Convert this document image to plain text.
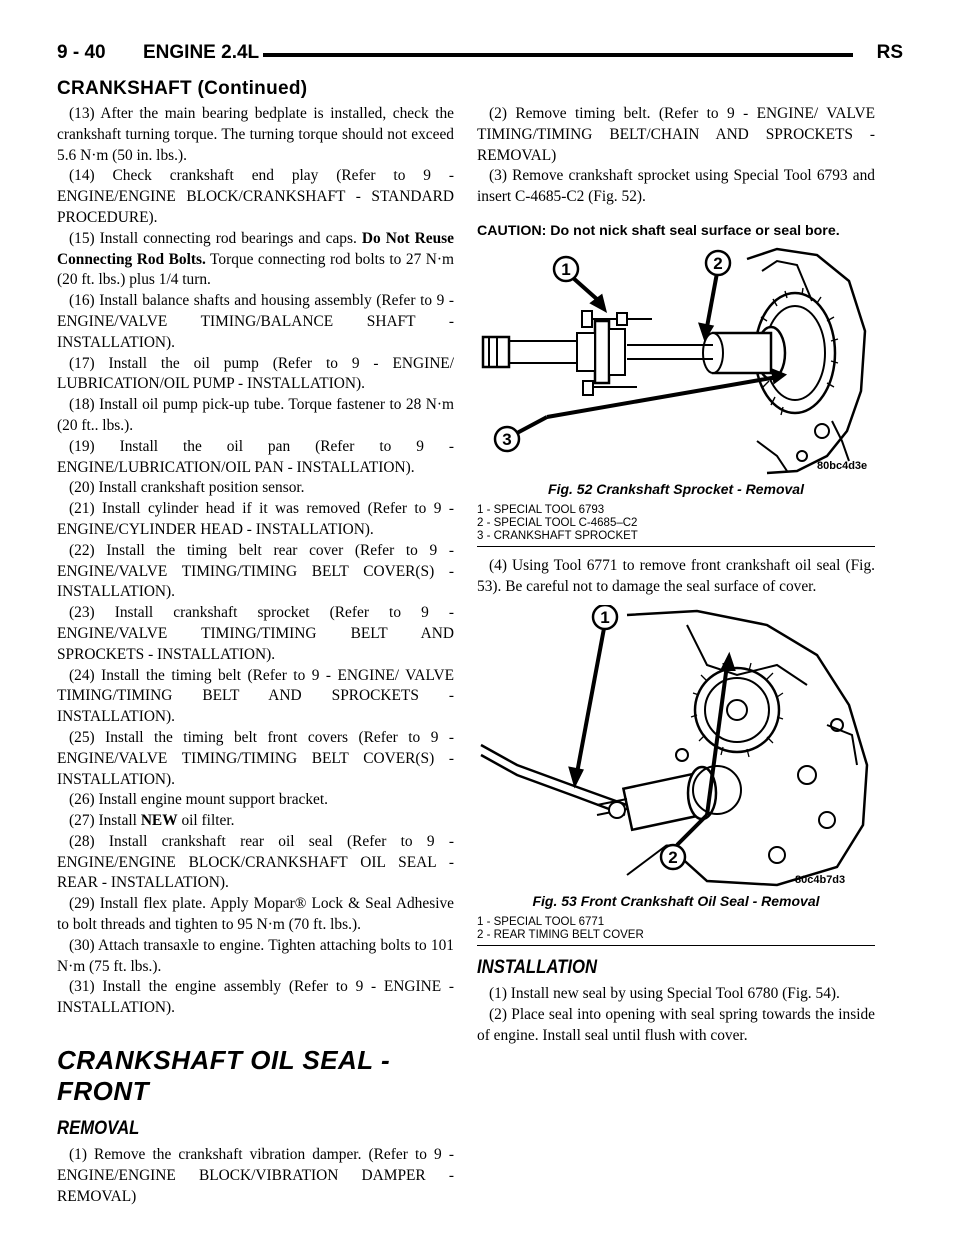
9 - 40 ENGINE 2.4L	RS
CRANKSHAFT (Continued)

(13) After the main bearing bedplate is installed, check the crankshaft turning torque. The turning torque should not exceed 5.6 N·m (50 in. lbs.).

(14) Check crankshaft end play (Refer to 9 - ENGINE/ENGINE BLOCK/CRANKSHAFT - STANDARD PROCEDURE).

(15) Install connecting rod bearings and caps. Do Not Reuse Connecting Rod Bolts. Torque connecting rod bolts to 27 N·m (20 ft. lbs.) plus 1/4 turn.

(16) Install balance shafts and housing assembly (Refer to 9 - ENGINE/VALVE TIMING/BALANCE SHAFT - INSTALLATION).

(17) Install the oil pump (Refer to 9 - ENGINE/ LUBRICATION/OIL PUMP - INSTALLATION).

(18) Install oil pump pick-up tube. Torque fastener to 28 N·m (20 ft.. lbs.).

(19) Install the oil pan (Refer to 9 - ENGINE/LUBRICATION/OIL PAN - INSTALLATION).

(20) Install crankshaft position sensor.

(21) Install cylinder head if it was removed (Refer to 9 - ENGINE/CYLINDER HEAD - INSTALLATION).

(22) Install the timing belt rear cover (Refer to 9 - ENGINE/VALVE TIMING/TIMING BELT COVER(S) - INSTALLATION).

(23) Install crankshaft sprocket (Refer to 9 - ENGINE/VALVE TIMING/TIMING BELT AND SPROCKETS - INSTALLATION).

(24) Install the timing belt (Refer to 9 - ENGINE/ VALVE TIMING/TIMING BELT AND SPROCKETS - INSTALLATION).

(25) Install the timing belt front covers (Refer to 9 - ENGINE/VALVE TIMING/TIMING BELT COVER(S) - INSTALLATION).

(26) Install engine mount support bracket.

(27) Install NEW oil filter.

(28) Install crankshaft rear oil seal (Refer to 9 - ENGINE/ENGINE BLOCK/CRANKSHAFT OIL SEAL - REAR - INSTALLATION).

(29) Install flex plate. Apply Mopar® Lock & Seal Adhesive to bolt threads and tighten to 95 N·m (70 ft. lbs.).

(30) Attach transaxle to engine. Tighten attaching bolts to 101 N·m (75 ft. lbs.).

(31) Install the engine assembly (Refer to 9 - ENGINE - INSTALLATION).

CRANKSHAFT OIL SEAL - FRONT
REMOVAL

(1) Remove the crankshaft vibration damper. (Refer to 9 - ENGINE/ENGINE BLOCK/VIBRATION DAMPER - REMOVAL)

(2) Remove timing belt. (Refer to 9 - ENGINE/ VALVE TIMING/TIMING BELT/CHAIN AND SPROCKETS - REMOVAL)

(3) Remove crankshaft sprocket using Special Tool 6793 and insert C-4685-C2 (Fig. 52).

CAUTION: Do not nick shaft seal surface or seal bore.

1	2
3
80bc4d3e
Fig. 52 Crankshaft Sprocket - Removal
1 - SPECIAL TOOL 6793
2 - SPECIAL TOOL C-4685–C2
3 - CRANKSHAFT SPROCKET

(4) Using Tool 6771 to remove front crankshaft oil seal (Fig. 53). Be careful not to damage the seal surface of cover.

1
2
80c4b7d3
Fig. 53 Front Crankshaft Oil Seal - Removal
1 - SPECIAL TOOL 6771
2 - REAR TIMING BELT COVER
INSTALLATION

(1) Install new seal by using Special Tool 6780 (Fig. 54).

(2) Place seal into opening with seal spring towards the inside of engine. Install seal until flush with cover.
